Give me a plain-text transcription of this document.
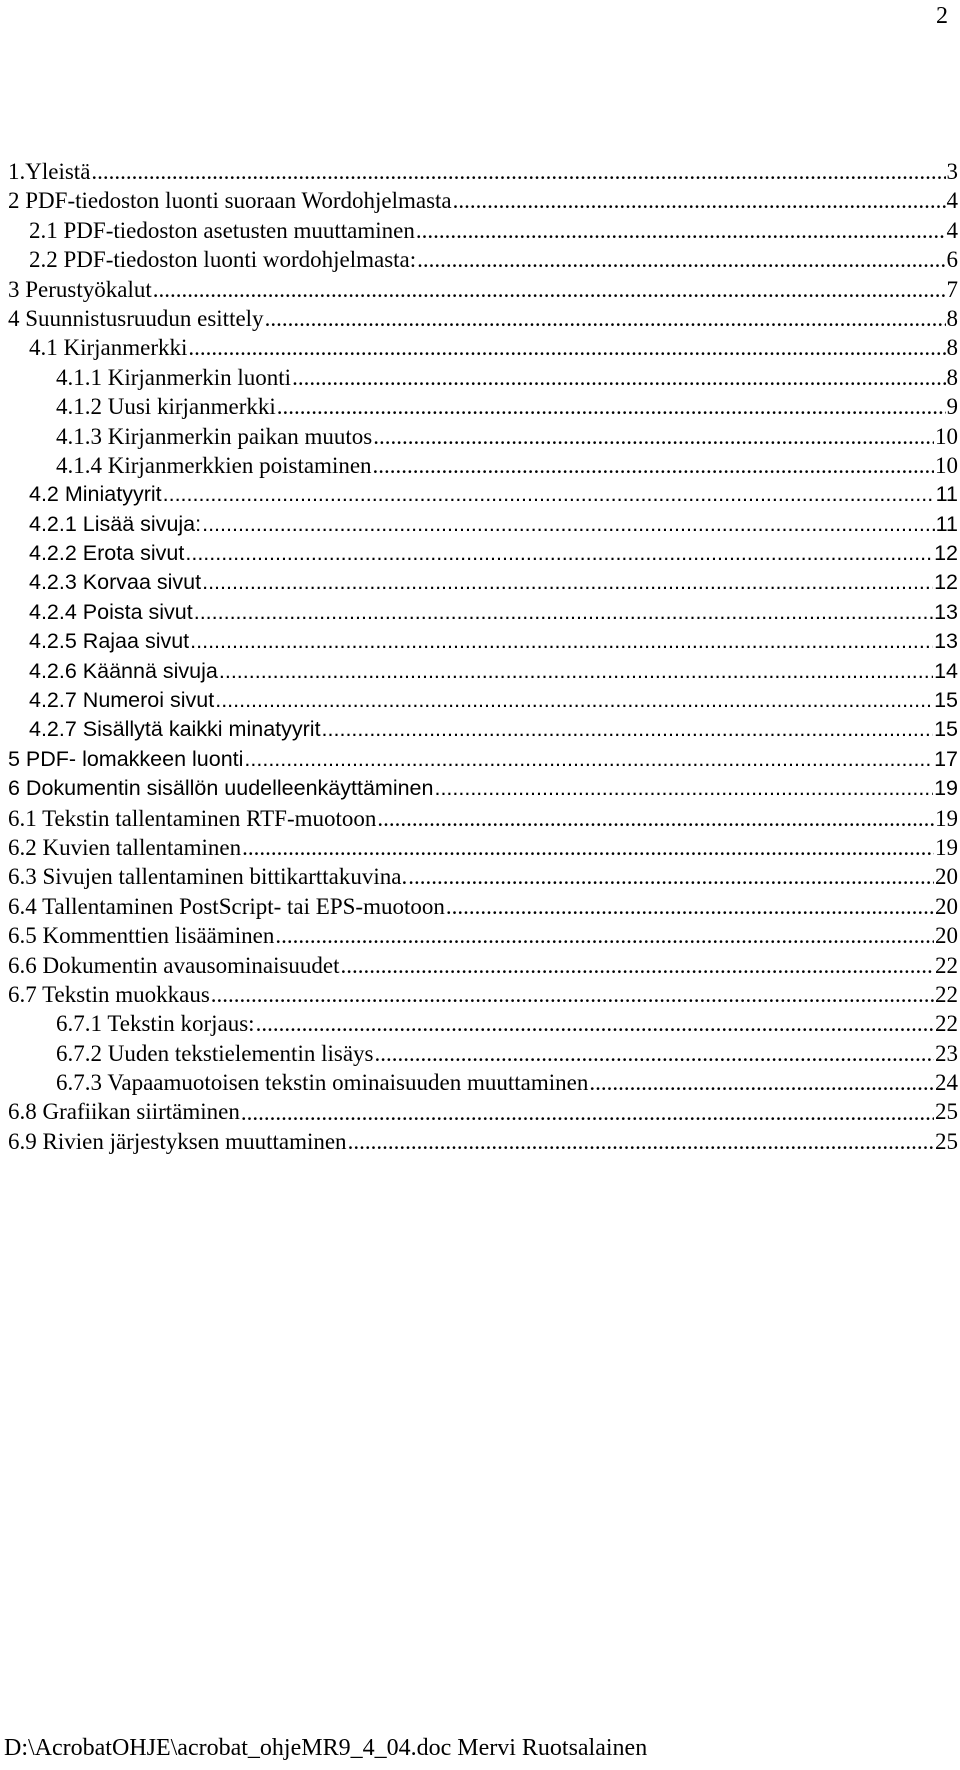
2
1.Yleistä .....	3
2 PDF-tiedoston luonti suoraan Wordohjelmasta .....	4
2.1 PDF-tiedoston asetusten muuttaminen .....	4
2.2 PDF-tiedoston luonti wordohjelmasta: .....	6
3 Perustyökalut .....	7
4 Suunnistusruudun esittely .....	8
4.1 Kirjanmerkki .....	8
4.1.1 Kirjanmerkin luonti .....	8
4.1.2 Uusi kirjanmerkki .....	9
4.1.3 Kirjanmerkin paikan muutos .....	10
4.1.4 Kirjanmerkkien poistaminen .....	10
4.2 Miniatyyrit .....	11
4.2.1 Lisää sivuja: .....	11
4.2.2 Erota sivut .....	12
4.2.3 Korvaa sivut .....	12
4.2.4 Poista sivut .....	13
4.2.5 Rajaa sivut .....	13
4.2.6 Käännä sivuja .....	14
4.2.7 Numeroi sivut .....	15
4.2.7 Sisällytä kaikki minatyyrit .....	15
5 PDF- lomakkeen luonti .....	17
6 Dokumentin sisällön uudelleenkäyttäminen .....	19
6.1 Tekstin tallentaminen RTF-muotoon .....	19
6.2 Kuvien tallentaminen .....	19
6.3 Sivujen tallentaminen bittikarttakuvina. .....	20
6.4 Tallentaminen PostScript- tai EPS-muotoon .....	20
6.5 Kommenttien lisääminen .....	20
6.6 Dokumentin avausominaisuudet .....	22
6.7 Tekstin muokkaus .....	22
6.7.1 Tekstin korjaus: .....	22
6.7.2 Uuden tekstielementin lisäys .....	23
6.7.3 Vapaamuotoisen tekstin ominaisuuden muuttaminen .....	24
6.8 Grafiikan siirtäminen .....	25
6.9 Rivien järjestyksen muuttaminen .....	25
D:\AcrobatOHJE\acrobat_ohjeMR9_4_04.doc Mervi Ruotsalainen
